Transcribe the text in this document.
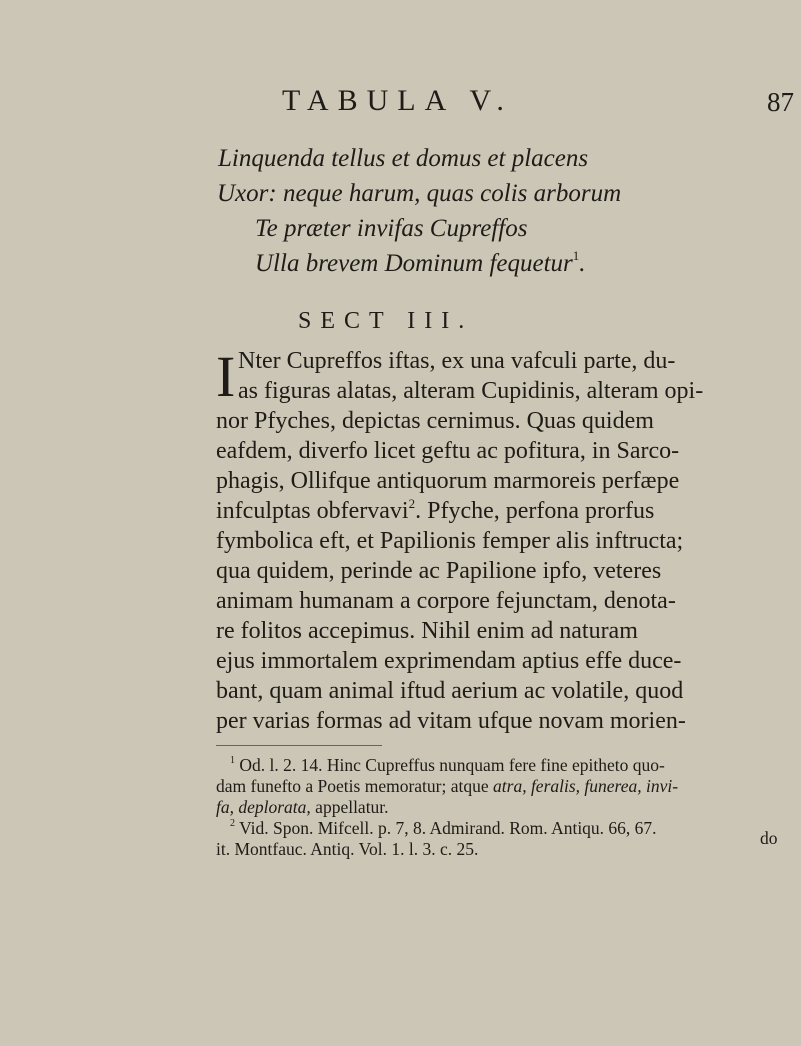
TABULA V.	87
Linquenda tellus et domus et placens
Uxor: neque harum, quas colis arborum
Te prӕter invifas Cupreffos
Ulla brevem Dominum fequetur$^1$.
SECT III.
I Nter Cupreffos iftas, ex una vafculi parte, du-
as figuras alatas, alteram Cupidinis, alteram opi-
nor Pfyches, depictas cernimus. Quas quidem
eafdem, diverfo licet geftu ac pofitura, in Sarco-
phagis, Ollifque antiquorum marmoreis perfӕpe
infculptas obfervavi$^2$. Pfyche, perfona prorfus
fymbolica eft, et Papilionis femper alis inftructa;
qua quidem, perinde ac Papilione ipfo, veteres
animam humanam a corpore fejunctam, denota-
re folitos accepimus. Nihil enim ad naturam
ejus immortalem exprimendam aptius effe duce-
bant, quam animal iftud aerium ac volatile, quod
per varias formas ad vitam ufque novam morien-
$^1$ Od. l. 2. 14. Hinc Cupreffus nunquam fere fine epitheto quo-
dam funefto a Poetis memoratur; atque atra, feralis, funerea, invi-
fa, deplorata, appellatur.
$^2$ Vid. Spon. Mifcell. p. 7, 8. Admirand. Rom. Antiqu. 66, 67.
it. Montfauc. Antiq. Vol. 1. l. 3. c. 25.
do
